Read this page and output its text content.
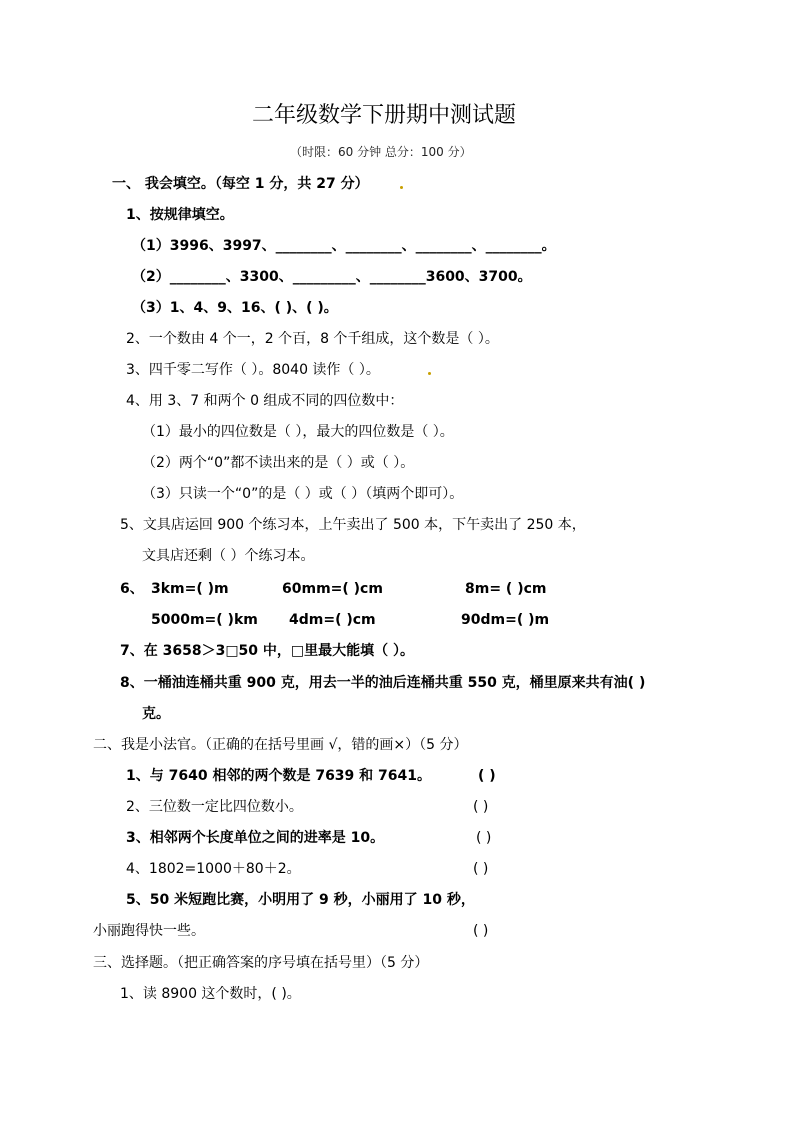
二年级数学下册期中测试题
（时限：60 分钟 总分：100 分）
一、 我会填空。（每空 1 分，共 27 分）
1、按规律填空。
（1）3996、3997、________、________、________、________。
（2）________、3300、_________、________3600、3700。
（3）1、4、9、16、( )、( )。
2、一个数由 4 个一，2 个百，8 个千组成，这个数是（ ）。
3、四千零二写作（ ）。8040 读作（ ）。
4、用 3、7 和两个 0 组成不同的四位数中：
（1）最小的四位数是（ ），最大的四位数是（ ）。
（2）两个“0”都不读出来的是（ ）或（ ）。
（3）只读一个“0”的是（ ）或（ ）（填两个即可）。
5、文具店运回 900 个练习本，上午卖出了 500 本，下午卖出了 250 本，
文具店还剩（ ）个练习本。
6、 3km=( )m	60mm=( )cm	8m= ( )cm
5000m=( )km 4dm=( )cm	90dm=( )m
7、在 3658＞3□50 中，□里最大能填（ ）。
8、一桶油连桶共重 900 克，用去一半的油后连桶共重 550 克，桶里原来共有油( )
克。
二、我是小法官。（正确的在括号里画 √，错的画×）（5 分）
1、与 7640 相邻的两个数是 7639 和 7641。	( )
2、三位数一定比四位数小。	( )
3、相邻两个长度单位之间的进率是 10。	( )
4、1802=1000＋80＋2。	( )
5、50 米短跑比赛，小明用了 9 秒，小丽用了 10 秒，
小丽跑得快一些。	( )
三、选择题。（把正确答案的序号填在括号里）（5 分）
1、读 8900 这个数时，( )。
